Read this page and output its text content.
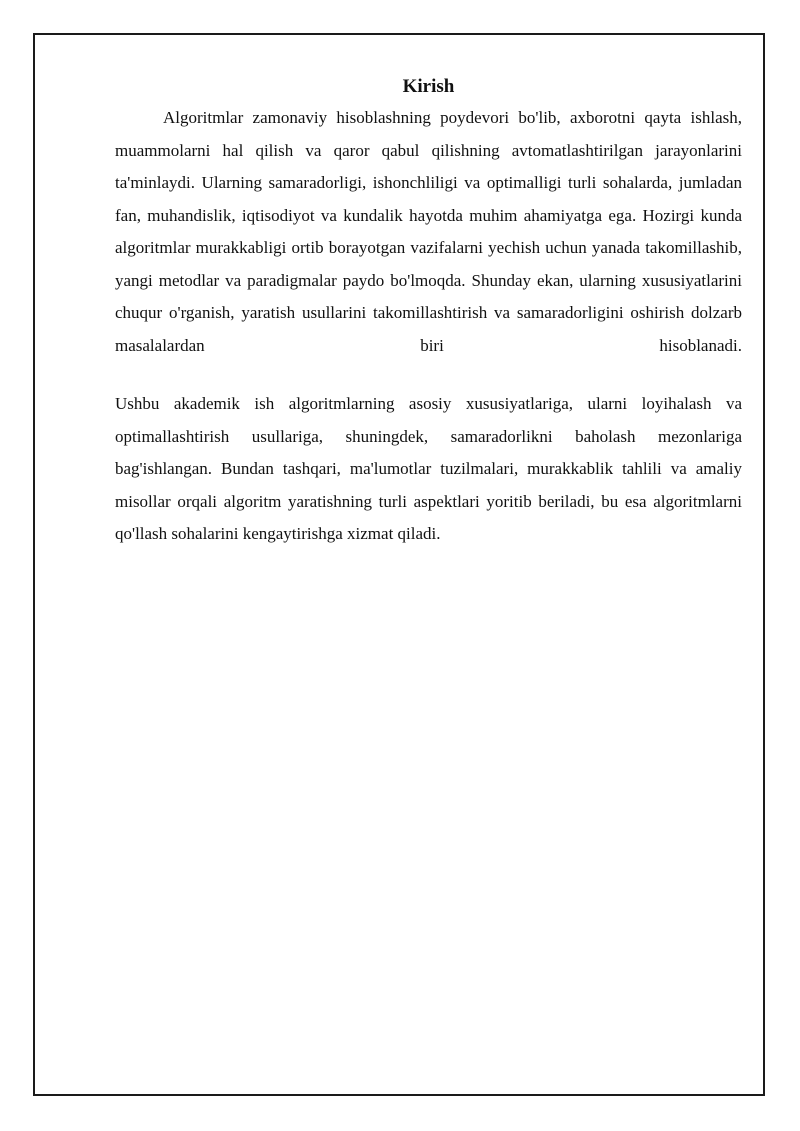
Kirish

Algoritmlar zamonaviy hisoblashning poydevori bo'lib, axborotni qayta ishlash, muammolarni hal qilish va qaror qabul qilishning avtomatlashtirilgan jarayonlarini ta'minlaydi. Ularning samaradorligi, ishonchliligi va optimalligi turli sohalarda, jumladan fan, muhandislik, iqtisodiyot va kundalik hayotda muhim ahamiyatga ega. Hozirgi kunda algoritmlar murakkabligi ortib borayotgan vazifalarni yechish uchun yanada takomillashib, yangi metodlar va paradigmalar paydo bo'lmoqda. Shunday ekan, ularning xususiyatlarini chuqur o'rganish, yaratish usullarini takomillashtirish va samaradorligini oshirish dolzarb masalalardan biri hisoblanadi.

Ushbu akademik ish algoritmlarning asosiy xususiyatlariga, ularni loyihalash va optimallashtirish usullariga, shuningdek, samaradorlikni baholash mezonlariga bag'ishlangan. Bundan tashqari, ma'lumotlar tuzilmalari, murakkablik tahlili va amaliy misollar orqali algoritm yaratishning turli aspektlari yoritib beriladi, bu esa algoritmlarni qo'llash sohalarini kengaytirishga xizmat qiladi.
